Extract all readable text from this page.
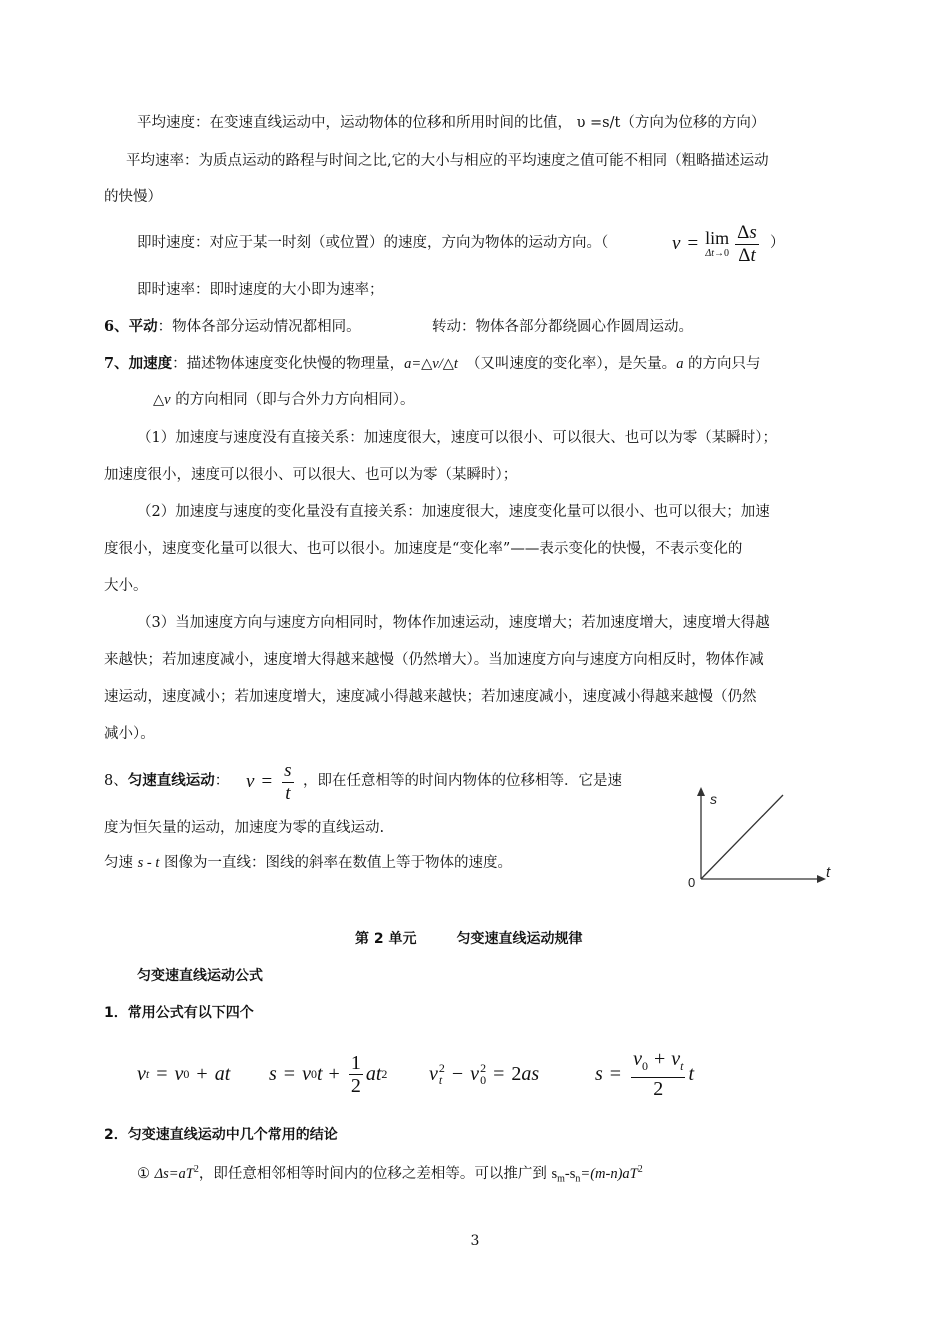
平均速度：在变速直线运动中，运动物体的位移和所用时间的比值， υ =s/t（方向为位移的方向）
平均速率：为质点运动的路程与时间之比,它的大小与相应的平均速度之值可能不相同（粗略描述运动
的快慢）
即时速度：对应于某一时刻（或位置）的速度，方向为物体的运动方向。（	v = lim
$\Delta t\to 0 \frac{\Delta s}{\Delta t}$ ）
即时速率：即时速度的大小即为速率；
6、平动：物体各部分运动情况都相同。	转动：物体各部分都绕圆心作圆周运动。
7、加速度：描述物体速度变化快慢的物理量，a=△v/△t （又叫速度的变化率），是矢量。a 的方向只与
△v 的方向相同（即与合外力方向相同）。
（1）加速度与速度没有直接关系：加速度很大，速度可以很小、可以很大、也可以为零（某瞬时）；
加速度很小，速度可以很小、可以很大、也可以为零（某瞬时）；
（2）加速度与速度的变化量没有直接关系：加速度很大，速度变化量可以很小、也可以很大；加速
度很小，速度变化量可以很大、也可以很小。加速度是“变化率”——表示变化的快慢，不表示变化的
大小。
（3）当加速度方向与速度方向相同时，物体作加速运动，速度增大；若加速度增大，速度增大得越
来越快；若加速度减小，速度增大得越来越慢（仍然增大）。当加速度方向与速度方向相反时，物体作减
速运动，速度减小；若加速度增大，速度减小得越来越快；若加速度减小，速度减小得越来越慢（仍然
减小）。
8、匀速直线运动： $v = \frac{s}{t}$ ，即在任意相等的时间内物体的位移相等．它是速
度为恒矢量的运动，加速度为零的直线运动.
匀速 s - t 图像为一直线：图线的斜率在数值上等于物体的速度。
s
t
0
第 2 单元	匀变速直线运动规律
匀变速直线运动公式
1．常用公式有以下四个
v t = v 0 + at s = v 0 $t + \frac{1}{2}$ at 2 v 2
t − v 2
0 = 2 as	$s = \frac{v_0 + v_t}{2}$ t
2．匀变速直线运动中几个常用的结论
① $\Delta s=aT^2$，即任意相邻相等时间内的位移之差相等。可以推广到 $s_m-s_n=(m-n)aT^2$
3
